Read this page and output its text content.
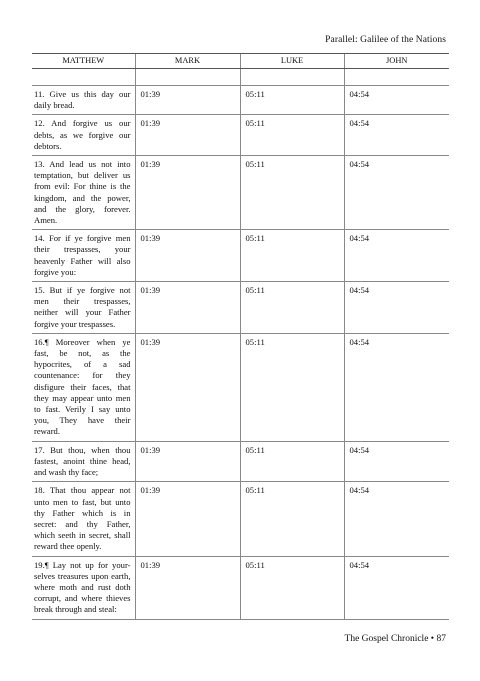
Parallel: Galilee of the Nations
MATTHEW	MARK	LUKE	JOHN

11. Give us this day our daily bread.	01:39	05:11	04:54
12. And forgive us our debts, as we forgive our debtors.	01:39	05:11	04:54
13. And lead us not into temptation, but deliver us from evil: For thine is the kingdom, and the power, and the glory, forever. Amen.	01:39	05:11	04:54
14. For if ye forgive men their trespasses, your heavenly Father will also forgive you:	01:39	05:11	04:54
15. But if ye forgive not men their trespasses, neither will your Father forgive your trespasses.	01:39	05:11	04:54
16.¶ Moreover when ye fast, be not, as the hypocrites, of a sad countenance: for they disfigure their faces, that they may appear unto men to fast. Verily I say unto you, They have their reward.	01:39	05:11	04:54
17. But thou, when thou fastest, anoint thine head, and wash thy face;	01:39	05:11	04:54
18. That thou appear not unto men to fast, but unto thy Father which is in secret: and thy Father, which seeth in secret, shall reward thee openly.	01:39	05:11	04:54
19.¶ Lay not up for your-selves treasures upon earth, where moth and rust doth corrupt, and where thieves break through and steal:	01:39	05:11	04:54
The Gospel Chronicle • 87
